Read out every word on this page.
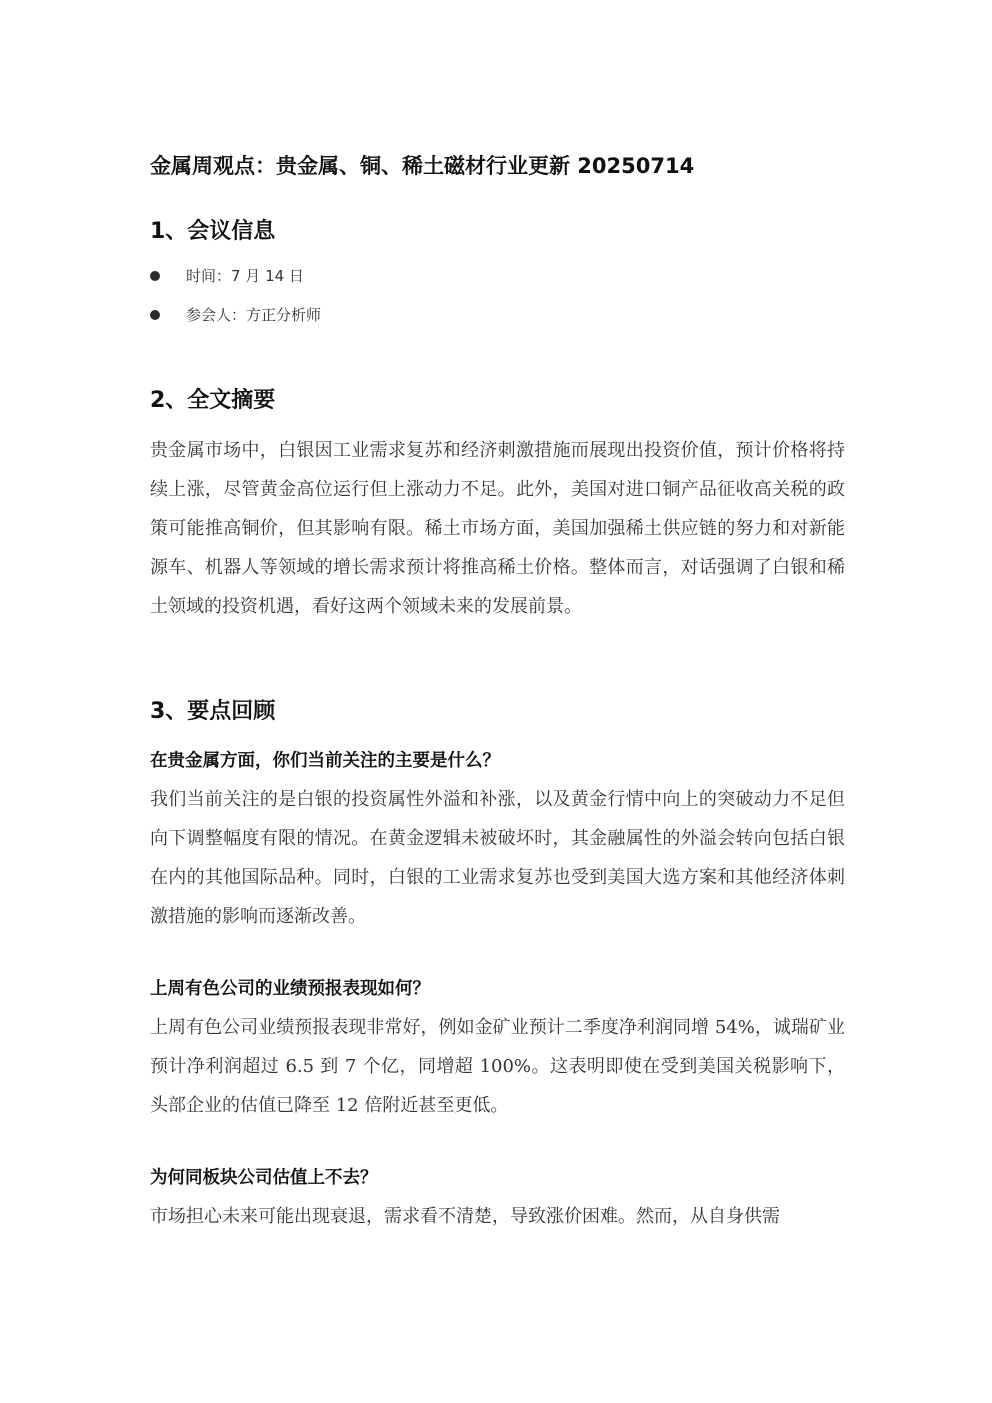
金属周观点：贵金属、铜、稀土磁材行业更新 20250714
1、会议信息
时间：7 月 14 日
参会人：方正分析师
2、全文摘要

贵金属市场中，白银因工业需求复苏和经济刺激措施而展现出投资价值，预计价格将持续上涨，尽管黄金高位运行但上涨动力不足。此外，美国对进口铜产品征收高关税的政策可能推高铜价，但其影响有限。稀土市场方面，美国加强稀土供应链的努力和对新能源车、机器人等领域的增长需求预计将推高稀土价格。整体而言，对话强调了白银和稀土领域的投资机遇，看好这两个领域未来的发展前景。

3、要点回顾

在贵金属方面，你们当前关注的主要是什么？

我们当前关注的是白银的投资属性外溢和补涨，以及黄金行情中向上的突破动力不足但向下调整幅度有限的情况。在黄金逻辑未被破坏时，其金融属性的外溢会转向包括白银在内的其他国际品种。同时，白银的工业需求复苏也受到美国大选方案和其他经济体刺激措施的影响而逐渐改善。

上周有色公司的业绩预报表现如何？

上周有色公司业绩预报表现非常好，例如金矿业预计二季度净利润同增 54%，诚瑞矿业预计净利润超过 6.5 到 7 个亿，同增超 100%。这表明即使在受到美国关税影响下，头部企业的估值已降至 12 倍附近甚至更低。

为何同板块公司估值上不去？

市场担心未来可能出现衰退，需求看不清楚，导致涨价困难。然而，从自身供需
